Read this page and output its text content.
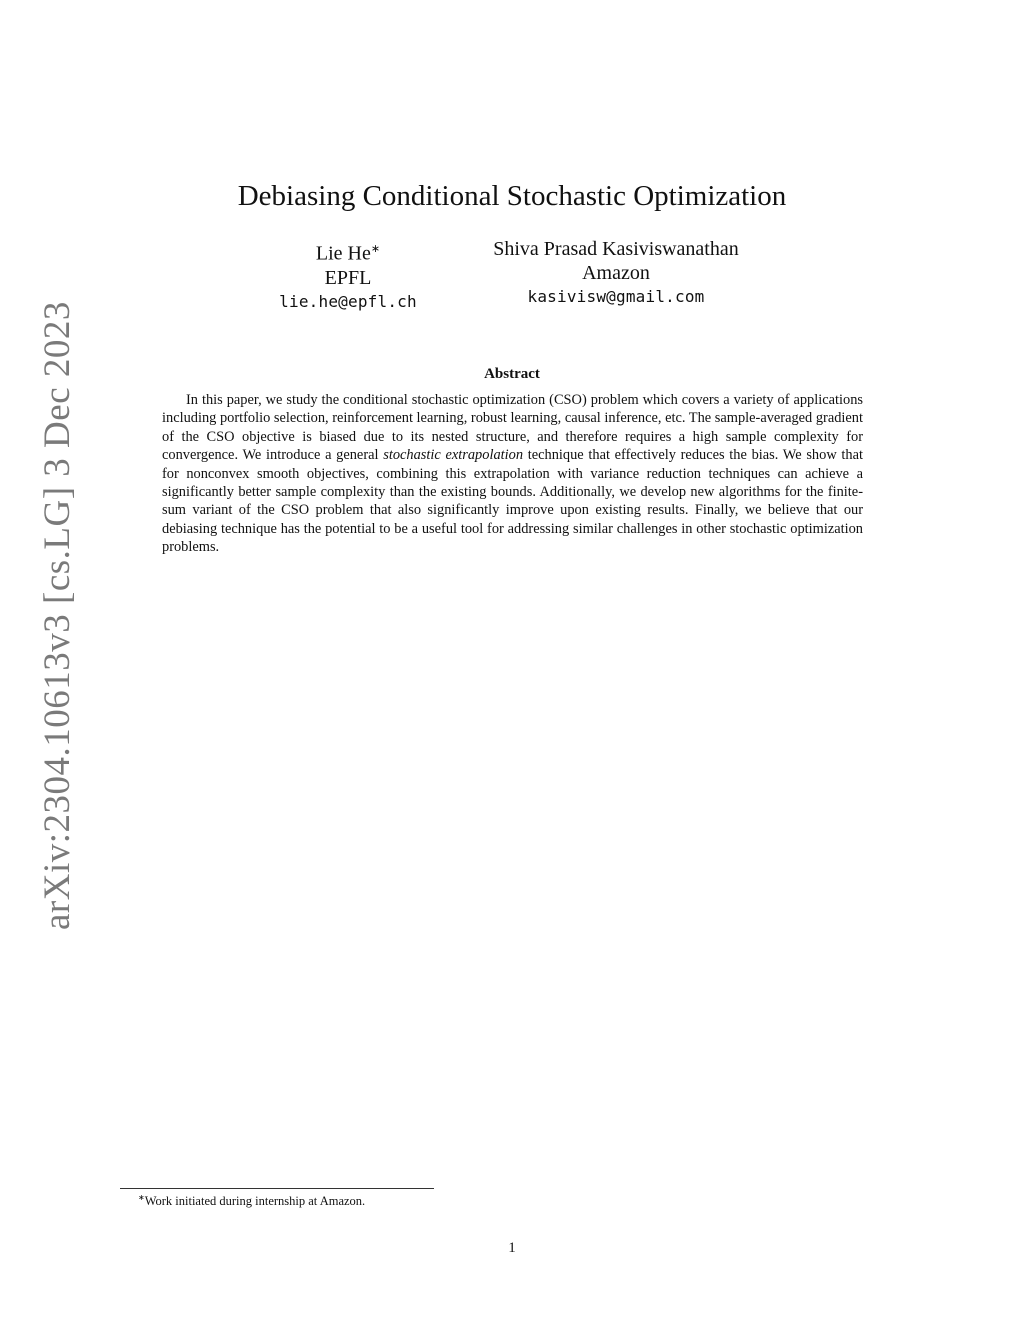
arXiv:2304.10613v3 [cs.LG] 3 Dec 2023
Debiasing Conditional Stochastic Optimization
Lie He∗
EPFL
lie.he@epfl.ch
Shiva Prasad Kasiviswanathan
Amazon
kasivisw@gmail.com
Abstract
In this paper, we study the conditional stochastic optimization (CSO) problem which covers a variety of applications including portfolio selection, reinforcement learning, robust learning, causal inference, etc. The sample-averaged gradient of the CSO objective is biased due to its nested structure, and therefore requires a high sample complexity for convergence. We introduce a general stochastic extrapolation technique that effectively reduces the bias. We show that for nonconvex smooth objectives, combining this extrapolation with variance reduction techniques can achieve a significantly better sample complexity than the existing bounds. Additionally, we develop new algorithms for the finite-sum variant of the CSO problem that also significantly improve upon existing results. Finally, we believe that our debiasing technique has the potential to be a useful tool for addressing similar challenges in other stochastic optimization problems.
∗Work initiated during internship at Amazon.
1
